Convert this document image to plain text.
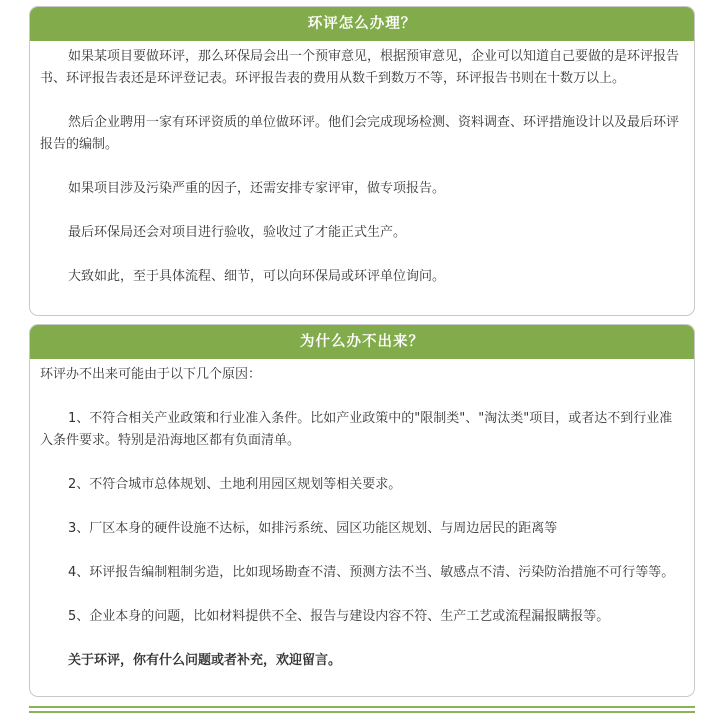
环评怎么办理？

如果某项目要做环评，那么环保局会出一个预审意见，根据预审意见，企业可以知道自己要做的是环评报告书、环评报告表还是环评登记表。环评报告表的费用从数千到数万不等，环评报告书则在十数万以上。

然后企业聘用一家有环评资质的单位做环评。他们会完成现场检测、资料调查、环评措施设计以及最后环评报告的编制。

如果项目涉及污染严重的因子，还需安排专家评审，做专项报告。

最后环保局还会对项目进行验收，验收过了才能正式生产。

大致如此，至于具体流程、细节，可以向环保局或环评单位询问。

为什么办不出来？

环评办不出来可能由于以下几个原因：

1、不符合相关产业政策和行业准入条件。比如产业政策中的"限制类"、"淘汰类"项目，或者达不到行业准入条件要求。特别是沿海地区都有负面清单。

2、不符合城市总体规划、土地利用园区规划等相关要求。

3、厂区本身的硬件设施不达标，如排污系统、园区功能区规划、与周边居民的距离等

4、环评报告编制粗制劣造，比如现场勘查不清、预测方法不当、敏感点不清、污染防治措施不可行等等。

5、企业本身的问题，比如材料提供不全、报告与建设内容不符、生产工艺或流程漏报瞒报等。

关于环评，你有什么问题或者补充，欢迎留言。
